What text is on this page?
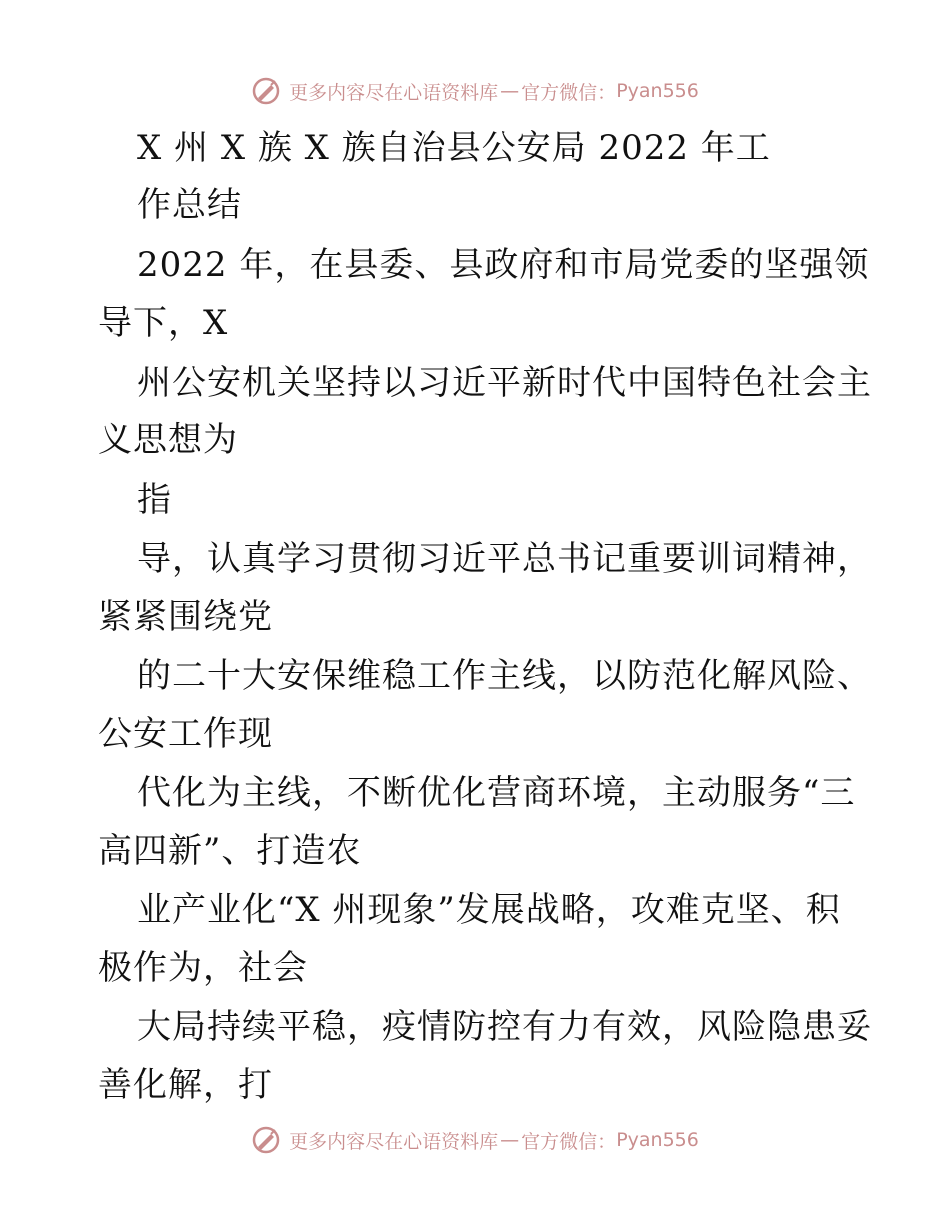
更多内容尽在心语资料库 — 官方微信： Pyan556
X 州 X 族 X 族自治县公安局 2022 年工
作总结
2022 年，在县委、县政府和市局党委的坚强领
导下，X
州公安机关坚持以习近平新时代中国特色社会主
义思想为
指
导，认真学习贯彻习近平总书记重要训词精神，
紧紧围绕党
的二十大安保维稳工作主线，以防范化解风险、
公安工作现
代化为主线，不断优化营商环境，主动服务“三
高四新”、打造农
业产业化“X 州现象”发展战略，攻难克坚、积
极作为，社会
大局持续平稳，疫情防控有力有效，风险隐患妥
善化解，打
更多内容尽在心语资料库 — 官方微信： Pyan556
